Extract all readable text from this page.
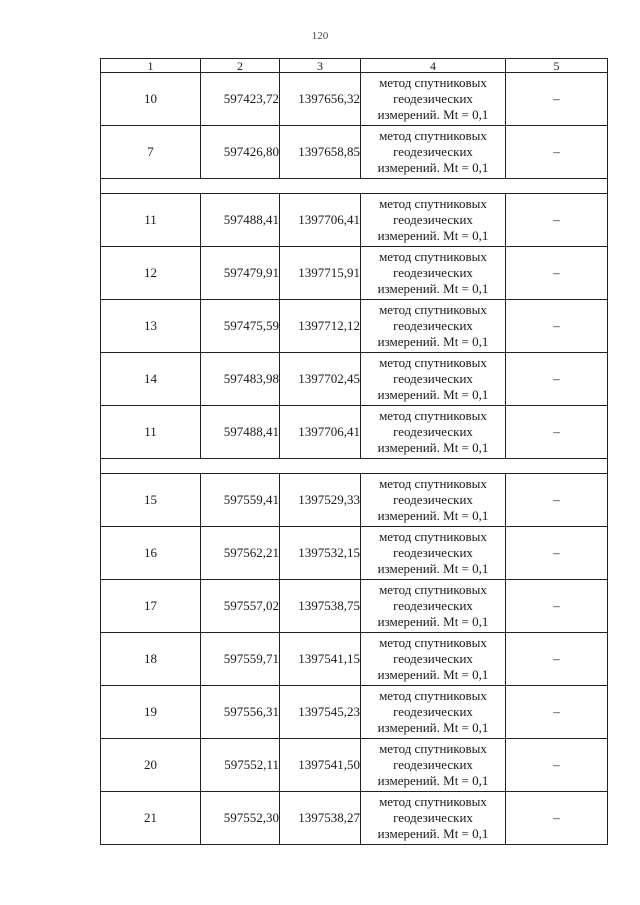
120
1	2	3	4	5
10	597423,72	1397656,32	метод спутниковых
геодезических
измерений. Mt = 0,1	–
7	597426,80	1397658,85	метод спутниковых
геодезических
измерений. Mt = 0,1	–

11	597488,41	1397706,41	метод спутниковых
геодезических
измерений. Mt = 0,1	–
12	597479,91	1397715,91	метод спутниковых
геодезических
измерений. Mt = 0,1	–
13	597475,59	1397712,12	метод спутниковых
геодезических
измерений. Mt = 0,1	–
14	597483,98	1397702,45	метод спутниковых
геодезических
измерений. Mt = 0,1	–
11	597488,41	1397706,41	метод спутниковых
геодезических
измерений. Mt = 0,1	–

15	597559,41	1397529,33	метод спутниковых
геодезических
измерений. Mt = 0,1	–
16	597562,21	1397532,15	метод спутниковых
геодезических
измерений. Mt = 0,1	–
17	597557,02	1397538,75	метод спутниковых
геодезических
измерений. Mt = 0,1	–
18	597559,71	1397541,15	метод спутниковых
геодезических
измерений. Mt = 0,1	–
19	597556,31	1397545,23	метод спутниковых
геодезических
измерений. Mt = 0,1	–
20	597552,11	1397541,50	метод спутниковых
геодезических
измерений. Mt = 0,1	–
21	597552,30	1397538,27	метод спутниковых
геодезических
измерений. Mt = 0,1	–
